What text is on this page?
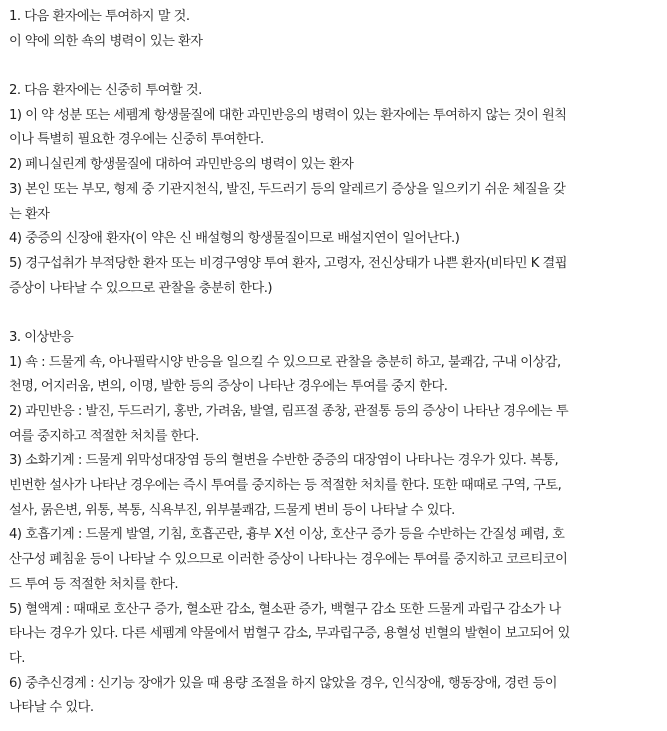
1. 다음 환자에는 투여하지 말 것.
이 약에 의한 쇽의 병력이 있는 환자
2. 다음 환자에는 신중히 투여할 것.
1) 이 약 성분 또는 세펨계 항생물질에 대한 과민반응의 병력이 있는 환자에는 투여하지 않는 것이 원칙
이나 특별히 필요한 경우에는 신중히 투여한다.
2) 페니실린계 항생물질에 대하여 과민반응의 병력이 있는 환자
3) 본인 또는 부모, 형제 중 기관지천식, 발진, 두드러기 등의 알레르기 증상을 일으키기 쉬운 체질을 갖
는 환자
4) 중증의 신장애 환자(이 약은 신 배설형의 항생물질이므로 배설지연이 일어난다.)
5) 경구섭취가 부적당한 환자 또는 비경구영양 투여 환자, 고령자, 전신상태가 나쁜 환자(비타민 K 결핍
증상이 나타날 수 있으므로 관찰을 충분히 한다.)
3. 이상반응
1) 쇽 : 드물게 쇽, 아나필락시양 반응을 일으킬 수 있으므로 관찰을 충분히 하고, 불쾌감, 구내 이상감,
천명, 어지러움, 변의, 이명, 발한 등의 증상이 나타난 경우에는 투여를 중지 한다.
2) 과민반응 : 발진, 두드러기, 홍반, 가려움, 발열, 림프절 종창, 관절통 등의 증상이 나타난 경우에는 투
여를 중지하고 적절한 처치를 한다.
3) 소화기계 : 드물게 위막성대장염 등의 혈변을 수반한 중증의 대장염이 나타나는 경우가 있다. 복통,
빈번한 설사가 나타난 경우에는 즉시 투여를 중지하는 등 적절한 처치를 한다. 또한 때때로 구역, 구토,
설사, 묽은변, 위통, 복통, 식욕부진, 위부불쾌감, 드물게 변비 등이 나타날 수 있다.
4) 호흡기계 : 드물게 발열, 기침, 호흡곤란, 흉부 X선 이상, 호산구 증가 등을 수반하는 간질성 폐렴, 호
산구성 폐침윤 등이 나타날 수 있으므로 이러한 증상이 나타나는 경우에는 투여를 중지하고 코르티코이
드 투여 등 적절한 처치를 한다.
5) 혈액계 : 때때로 호산구 증가, 혈소판 감소, 혈소판 증가, 백혈구 감소 또한 드물게 과립구 감소가 나
타나는 경우가 있다. 다른 세펨계 약물에서 범혈구 감소, 무과립구증, 용혈성 빈혈의 발현이 보고되어 있
다.
6) 중추신경계 : 신기능 장애가 있을 때 용량 조절을 하지 않았을 경우, 인식장애, 행동장애, 경련 등이
나타날 수 있다.
